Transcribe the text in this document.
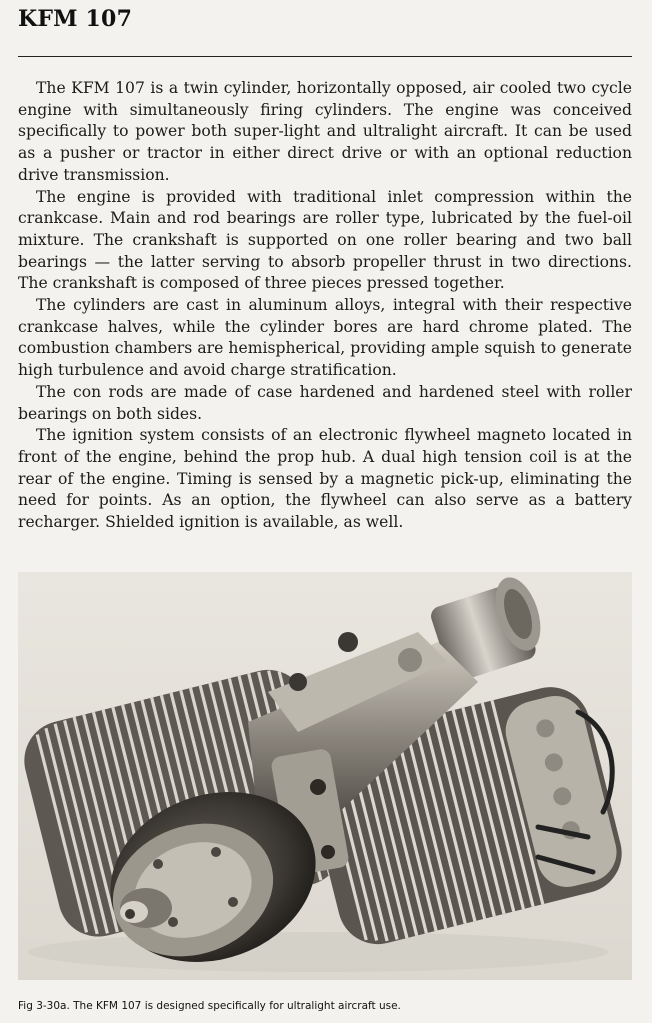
KFM 107

The KFM 107 is a twin cylinder, horizontally opposed, air cooled two cycle engine with simultaneously firing cylinders. The engine was conceived specifically to power both super-light and ultralight aircraft. It can be used as a pusher or tractor in either direct drive or with an optional reduction drive transmission.

The engine is provided with traditional inlet compression within the crankcase. Main and rod bearings are roller type, lubricated by the fuel-oil mixture. The crankshaft is supported on one roller bearing and two ball bearings — the latter serving to absorb propeller thrust in two directions. The crankshaft is composed of three pieces pressed together.

The cylinders are cast in aluminum alloys, integral with their respective crankcase halves, while the cylinder bores are hard chrome plated. The combustion chambers are hemispherical, providing ample squish to generate high turbulence and avoid charge stratification.

The con rods are made of case hardened and hardened steel with roller bearings on both sides.

The ignition system consists of an electronic flywheel magneto located in front of the engine, behind the prop hub. A dual high tension coil is at the rear of the engine. Timing is sensed by a magnetic pick-up, eliminating the need for points. As an option, the flywheel can also serve as a battery recharger. Shielded ignition is available, as well.

Fig 3-30a. The KFM 107 is designed specifically for ultralight aircraft use.
